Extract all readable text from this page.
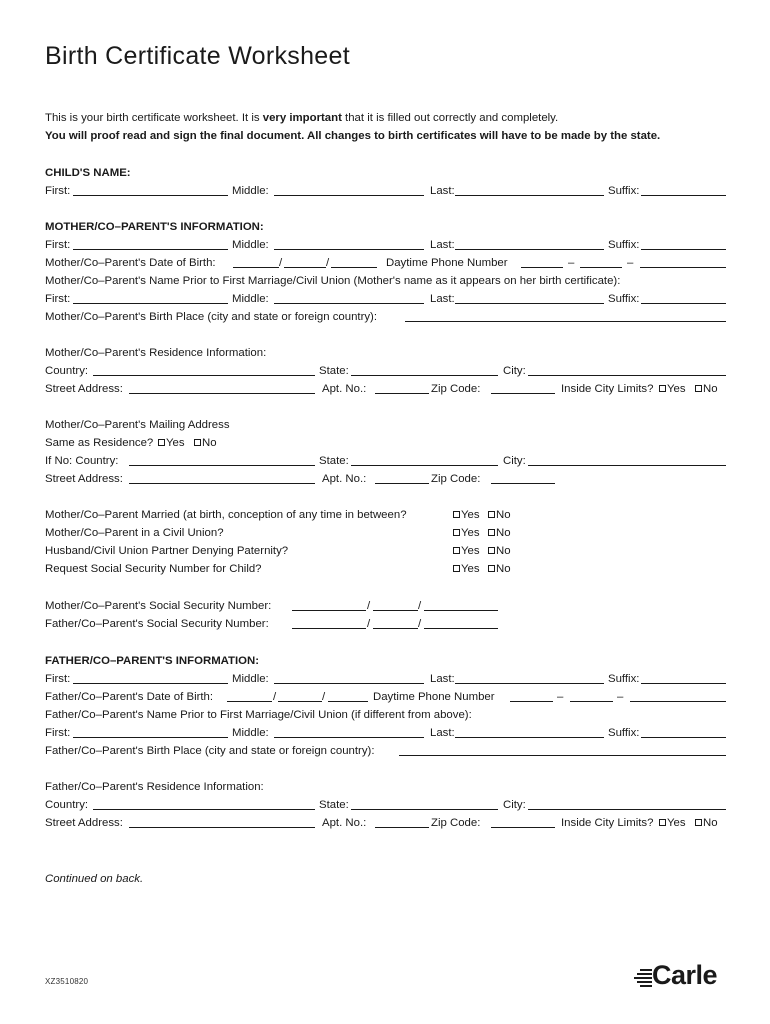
Birth Certificate Worksheet
This is your birth certificate worksheet. It is very important that it is filled out correctly and completely.
You will proof read and sign the final document. All changes to birth certificates will have to be made by the state.
CHILD'S NAME:
First:	Middle:	Last:	Suffix:
MOTHER/CO–PARENT'S INFORMATION:
First:	Middle:	Last:	Suffix:
Mother/Co–Parent's Date of Birth:	/	/	Daytime Phone Number	–	–
Mother/Co–Parent's Name Prior to First Marriage/Civil Union (Mother's name as it appears on her birth certificate):
First:	Middle:	Last:	Suffix:
Mother/Co–Parent's Birth Place (city and state or foreign country):
Mother/Co–Parent's Residence Information:
Country:	State:	City:
Street Address:	Apt. No.:	Zip Code:	Inside City Limits?	Yes	No
Mother/Co–Parent's Mailing Address
Same as Residence?	Yes	No
If No: Country:	State:	City:
Street Address:	Apt. No.:	Zip Code:
Mother/Co–Parent Married (at birth, conception of any time in between?	Yes	No
Mother/Co–Parent in a Civil Union?	Yes	No
Husband/Civil Union Partner Denying Paternity?	Yes	No
Request Social Security Number for Child?	Yes	No
Mother/Co–Parent's Social Security Number:	/	/
Father/Co–Parent's Social Security Number:	/	/
FATHER/CO–PARENT'S INFORMATION:
First:	Middle:	Last:	Suffix:
Father/Co–Parent's Date of Birth:	/	/	Daytime Phone Number	–	–
Father/Co–Parent's Name Prior to First Marriage/Civil Union (if different from above):
First:	Middle:	Last:	Suffix:
Father/Co–Parent's Birth Place (city and state or foreign country):
Father/Co–Parent's Residence Information:
Country:	State:	City:
Street Address:	Apt. No.:	Zip Code:	Inside City Limits?	Yes	No
Continued on back.
XZ3510820	Carle
